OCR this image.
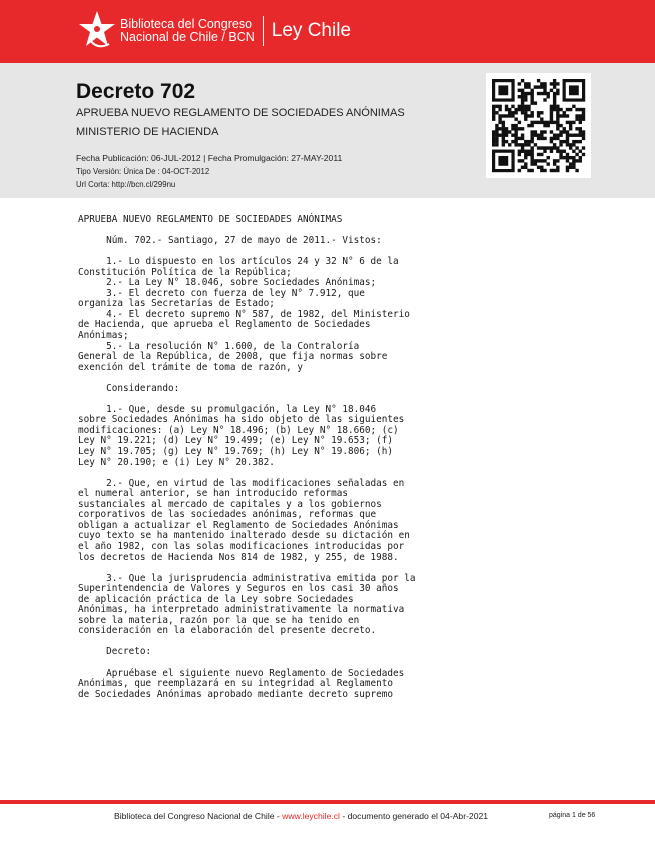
Biblioteca del Congreso
Nacional de Chile / BCN Ley Chile
Decreto 702

APRUEBA NUEVO REGLAMENTO DE SOCIEDADES ANÓNIMAS

MINISTERIO DE HACIENDA

Fecha Publicación: 06-JUL-2012 | Fecha Promulgación: 27-MAY-2011

Tipo Versión: Única De : 04-OCT-2012

Url Corta: http://bcn.cl/299nu

APRUEBA NUEVO REGLAMENTO DE SOCIEDADES ANÓNIMAS

Núm. 702.- Santiago, 27 de mayo de 2011.- Vistos:

1.- Lo dispuesto en los artículos 24 y 32 N° 6 de la
Constitución Política de la República;
2.- La Ley N° 18.046, sobre Sociedades Anónimas;
3.- El decreto con fuerza de ley N° 7.912, que
organiza las Secretarías de Estado;
4.- El decreto supremo N° 587, de 1982, del Ministerio
de Hacienda, que aprueba el Reglamento de Sociedades
Anónimas;
5.- La resolución N° 1.600, de la Contraloría
General de la República, de 2008, que fija normas sobre
exención del trámite de toma de razón, y

Considerando:

1.- Que, desde su promulgación, la Ley N° 18.046
sobre Sociedades Anónimas ha sido objeto de las siguientes
modificaciones: (a) Ley N° 18.496; (b) Ley N° 18.660; (c)
Ley N° 19.221; (d) Ley N° 19.499; (e) Ley N° 19.653; (f)
Ley N° 19.705; (g) Ley N° 19.769; (h) Ley N° 19.806; (h)
Ley N° 20.190; e (i) Ley N° 20.382.

2.- Que, en virtud de las modificaciones señaladas en
el numeral anterior, se han introducido reformas
sustanciales al mercado de capitales y a los gobiernos
corporativos de las sociedades anónimas, reformas que
obligan a actualizar el Reglamento de Sociedades Anónimas
cuyo texto se ha mantenido inalterado desde su dictación en
el año 1982, con las solas modificaciones introducidas por
los decretos de Hacienda Nos 814 de 1982, y 255, de 1988.

3.- Que la jurisprudencia administrativa emitida por la
Superintendencia de Valores y Seguros en los casi 30 años
de aplicación práctica de la Ley sobre Sociedades
Anónimas, ha interpretado administrativamente la normativa
sobre la materia, razón por la que se ha tenido en
consideración en la elaboración del presente decreto.

Decreto:

Apruébase el siguiente nuevo Reglamento de Sociedades
Anónimas, que reemplazará en su integridad al Reglamento
de Sociedades Anónimas aprobado mediante decreto supremo
Biblioteca del Congreso Nacional de Chile - www.leychile.cl - documento generado el 04-Abr-2021	página 1 de 56
